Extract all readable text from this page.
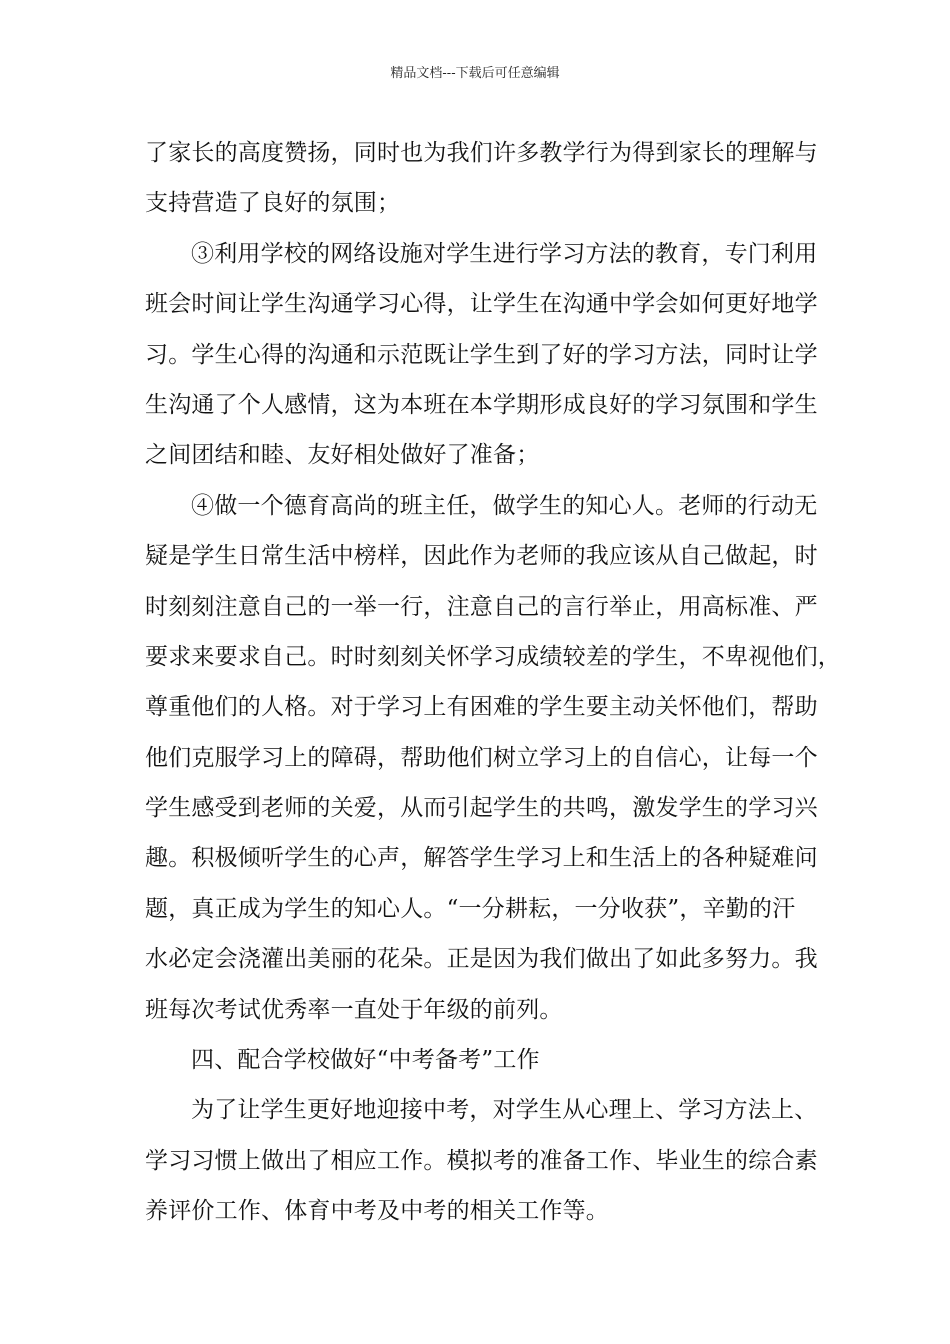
精品文档---下载后可任意编辑
了家长的高度赞扬，同时也为我们许多教学行为得到家长的理解与
支持营造了良好的氛围；
③利用学校的网络设施对学生进行学习方法的教育，专门利用
班会时间让学生沟通学习心得，让学生在沟通中学会如何更好地学
习。学生心得的沟通和示范既让学生到了好的学习方法，同时让学
生沟通了个人感情，这为本班在本学期形成良好的学习氛围和学生
之间团结和睦、友好相处做好了准备；
④做一个德育高尚的班主任，做学生的知心人。老师的行动无
疑是学生日常生活中榜样，因此作为老师的我应该从自己做起，时
时刻刻注意自己的一举一行，注意自己的言行举止，用高标准、严
要求来要求自己。时时刻刻关怀学习成绩较差的学生，不卑视他们，
尊重他们的人格。对于学习上有困难的学生要主动关怀他们，帮助
他们克服学习上的障碍，帮助他们树立学习上的自信心，让每一个
学生感受到老师的关爱，从而引起学生的共鸣，激发学生的学习兴
趣。积极倾听学生的心声，解答学生学习上和生活上的各种疑难问
题，真正成为学生的知心人。“一分耕耘，一分收获”，辛勤的汗
水必定会浇灌出美丽的花朵。正是因为我们做出了如此多努力。我
班每次考试优秀率一直处于年级的前列。
四、配合学校做好“中考备考”工作
为了让学生更好地迎接中考，对学生从心理上、学习方法上、
学习习惯上做出了相应工作。模拟考的准备工作、毕业生的综合素
养评价工作、体育中考及中考的相关工作等。
